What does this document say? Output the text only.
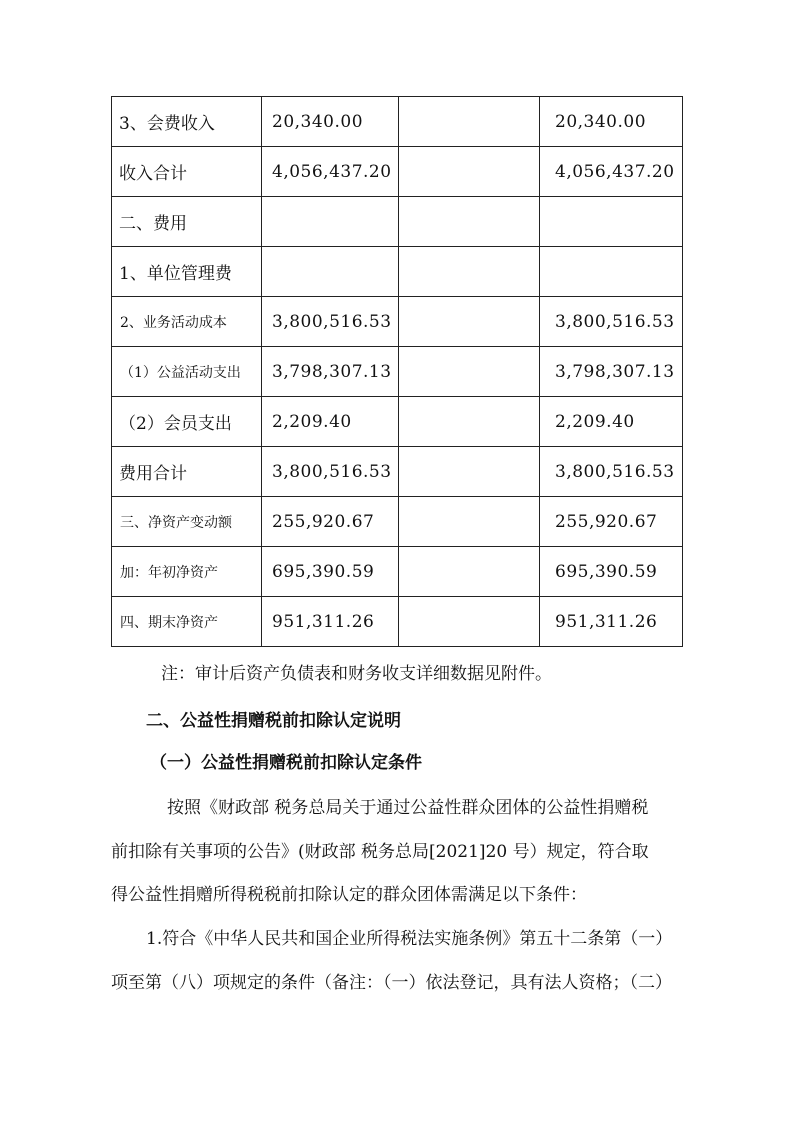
3、会费收入	20,340.00		20,340.00
收入合计	4,056,437.20		4,056,437.20
二、费用			
1、单位管理费			
2、业务活动成本	3,800,516.53		3,800,516.53
（1）公益活动支出	3,798,307.13		3,798,307.13
（2）会员支出	2,209.40		2,209.40
费用合计	3,800,516.53		3,800,516.53
三、净资产变动额	255,920.67		255,920.67
加：年初净资产	695,390.59		695,390.59
四、期末净资产	951,311.26		951,311.26

注：审计后资产负债表和财务收支详细数据见附件。

二、公益性捐赠税前扣除认定说明

（一）公益性捐赠税前扣除认定条件

按照《财政部 税务总局关于通过公益性群众团体的公益性捐赠税

前扣除有关事项的公告》(财政部 税务总局[2021]20 号）规定，符合取

得公益性捐赠所得税税前扣除认定的群众团体需满足以下条件：

1.符合《中华人民共和国企业所得税法实施条例》第五十二条第（一）

项至第（八）项规定的条件（备注：（一）依法登记，具有法人资格；（二）
